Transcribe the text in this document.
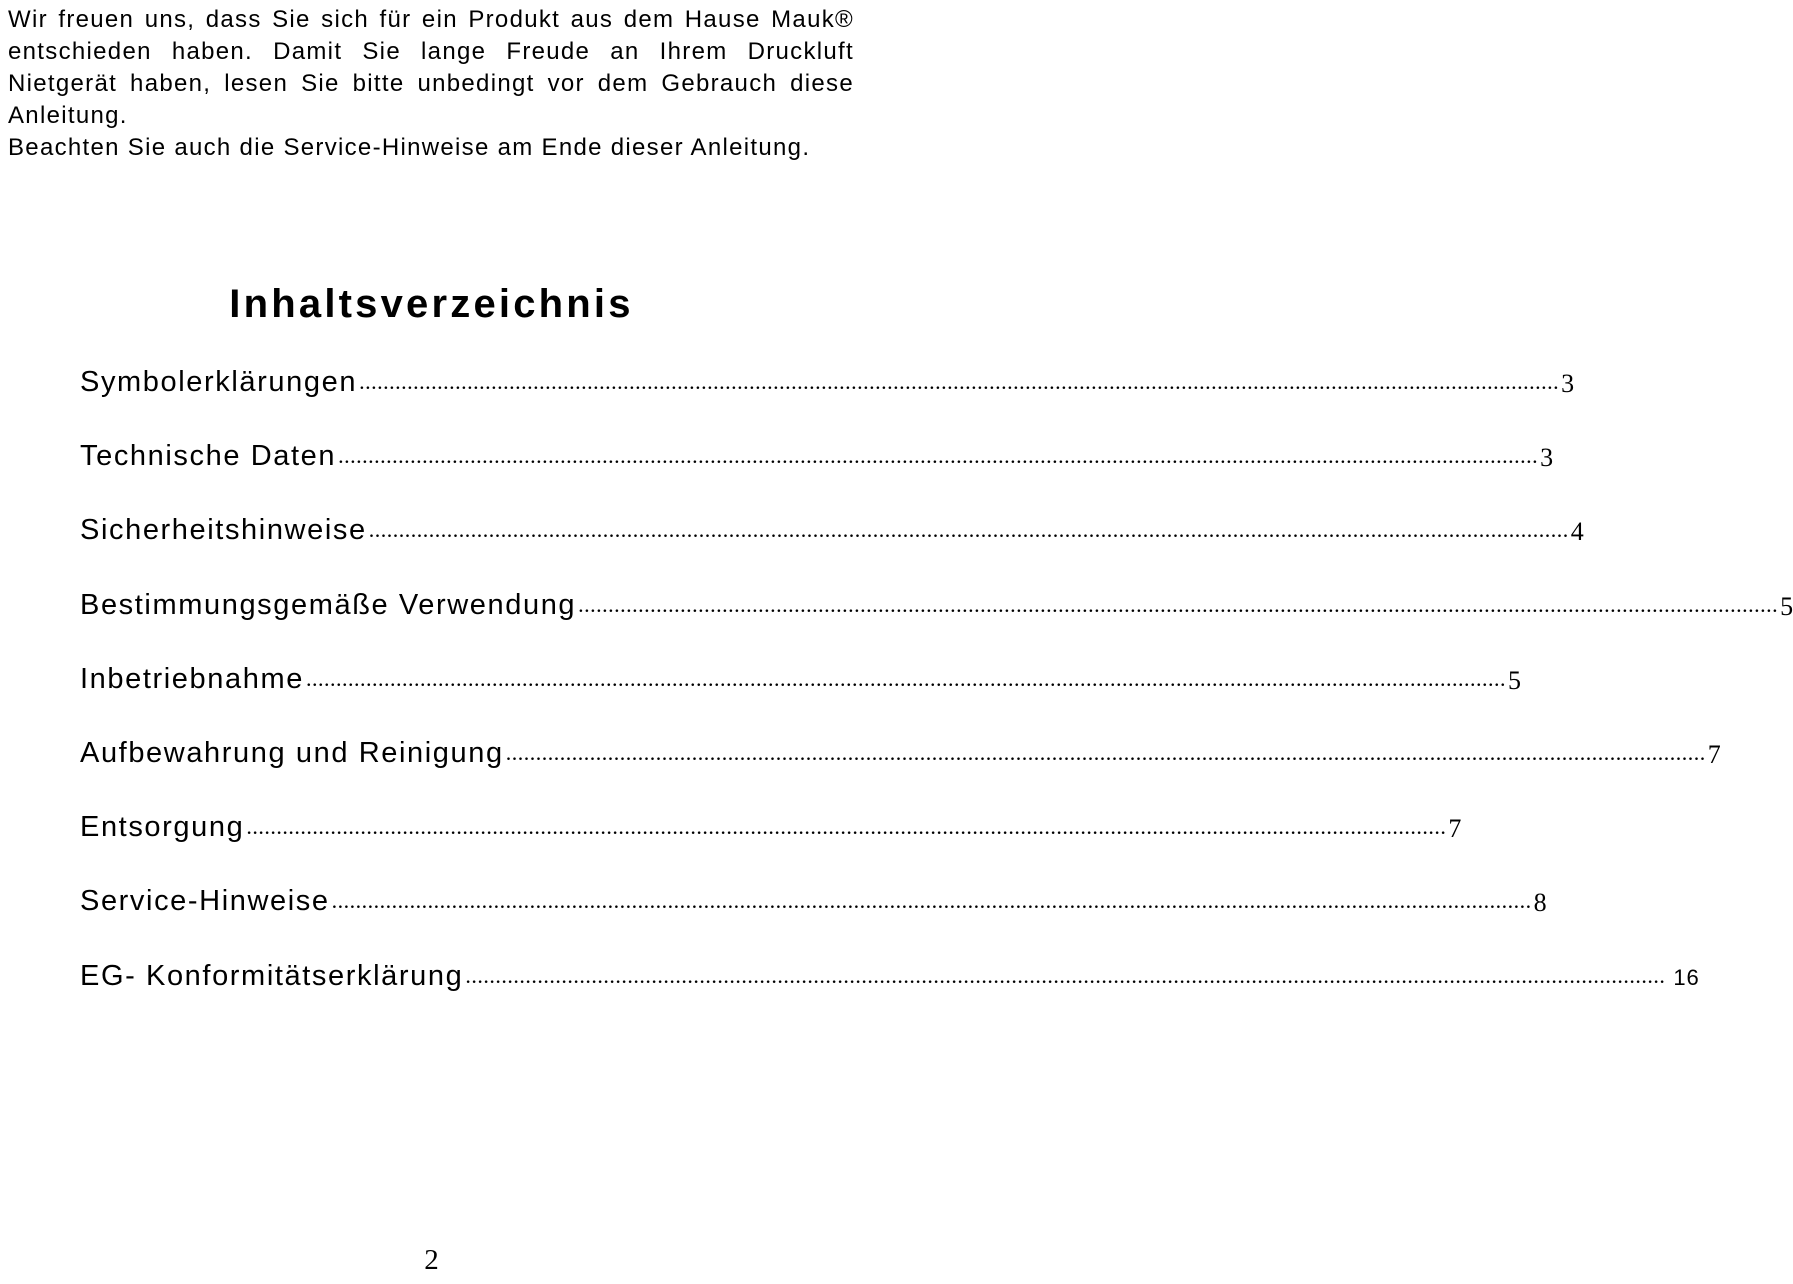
Wir freuen uns, dass Sie sich für ein Produkt aus dem Hause Mauk® entschieden haben. Damit Sie lange Freude an Ihrem Druckluft Nietgerät haben, lesen Sie bitte unbedingt vor dem Gebrauch diese Anleitung.

Beachten Sie auch die Service-Hinweise am Ende dieser Anleitung.

Inhaltsverzeichnis
Symbolerklärungen ........................................................................................................................................................................................................ 3
Technische Daten ........................................................................................................................................................................................................ 3
Sicherheitshinweise ........................................................................................................................................................................................................ 4
Bestimmungsgemäße Verwendung ........................................................................................................................................................................................................ 5
Inbetriebnahme ........................................................................................................................................................................................................ 5
Aufbewahrung und Reinigung ........................................................................................................................................................................................................ 7
Entsorgung ........................................................................................................................................................................................................ 7
Service-Hinweise ........................................................................................................................................................................................................ 8
EG- Konformitätserklärung ........................................................................................................................................................................................................ 16

2
